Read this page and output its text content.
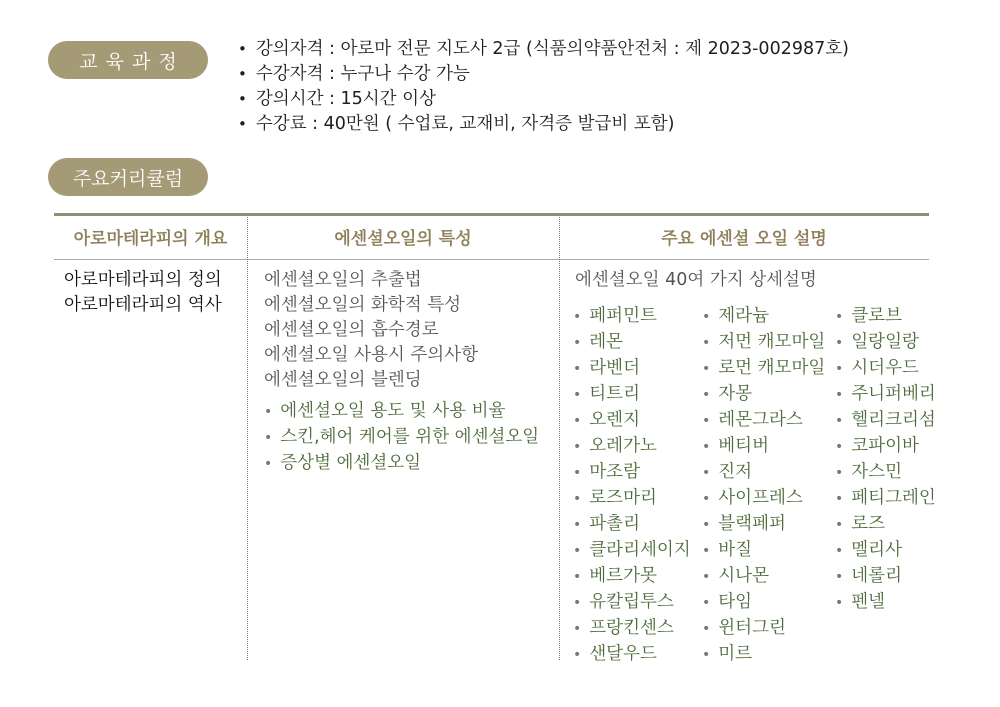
교육과정
• 강의자격 : 아로마 전문 지도사 2급 (식품의약품안전처 : 제 2023-002987호)
• 수강자격 : 누구나 수강 가능
• 강의시간 : 15시간 이상
• 수강료 : 40만원 ( 수업료, 교재비, 자격증 발급비 포함)
주요커리큘럼
아로마테라피의 개요	에센셜오일의 특성	주요 에센셜 오일 설명
아로마테라피의 정의
아로마테라피의 역사
에센셜오일의 추출법
에센셜오일의 화학적 특성
에센셜오일의 흡수경로
에센셜오일 사용시 주의사항
에센셜오일의 블렌딩
• 에센셜오일 용도 및 사용 비율
• 스킨,헤어 케어를 위한 에센셜오일
• 증상별 에센셜오일
에센셜오일 40여 가지 상세설명
• 페퍼민트
• 레몬
• 라벤더
• 티트리
• 오렌지
• 오레가노
• 마조람
• 로즈마리
• 파촐리
• 클라리세이지
• 베르가못
• 유칼립투스
• 프랑킨센스
• 샌달우드
• 제라늄
• 저먼 캐모마일
• 로먼 캐모마일
• 자몽
• 레몬그라스
• 베티버
• 진저
• 사이프레스
• 블랙페퍼
• 바질
• 시나몬
• 타임
• 윈터그린
• 미르
• 클로브
• 일랑일랑
• 시더우드
• 주니퍼베리
• 헬리크리섬
• 코파이바
• 자스민
• 페티그레인
• 로즈
• 멜리사
• 네롤리
• 펜넬
